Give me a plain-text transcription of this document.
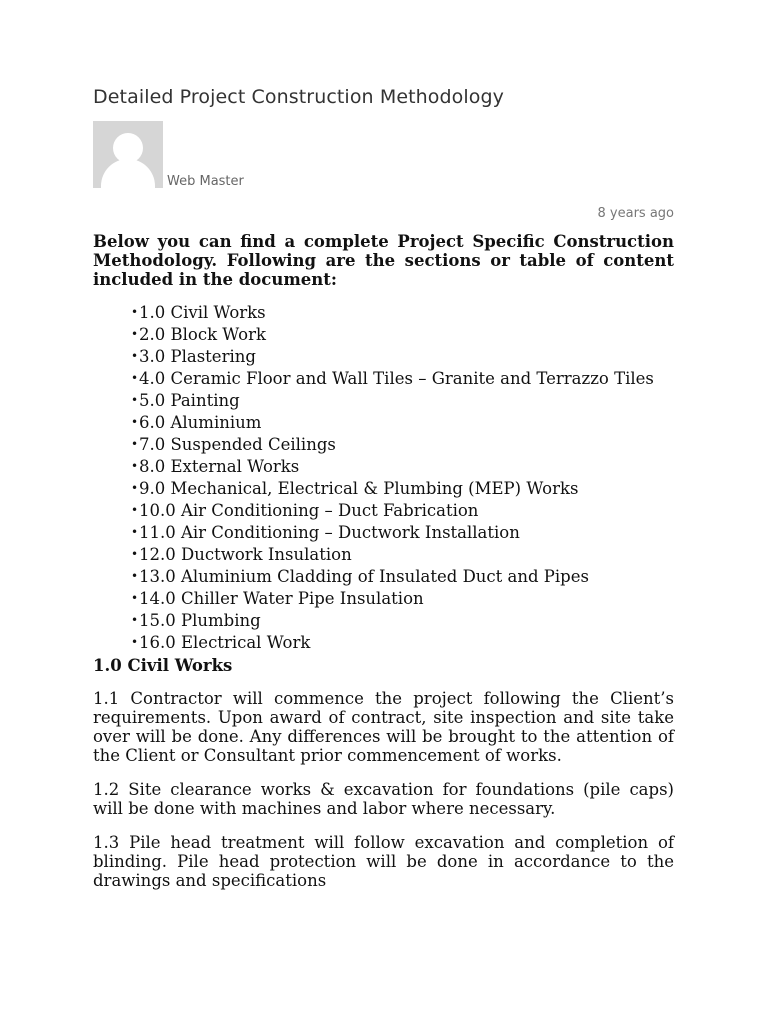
Detailed Project Construction Methodology
Web Master
8 years ago

Below you can find a complete Project Specific Construction Methodology. Following are the sections or table of content included in the document:

• 1.0 Civil Works
• 2.0 Block Work
• 3.0 Plastering
• 4.0 Ceramic Floor and Wall Tiles – Granite and Terrazzo Tiles
• 5.0 Painting
• 6.0 Aluminium
• 7.0 Suspended Ceilings
• 8.0 External Works
• 9.0 Mechanical, Electrical & Plumbing (MEP) Works
• 10.0 Air Conditioning – Duct Fabrication
• 11.0 Air Conditioning – Ductwork Installation
• 12.0 Ductwork Insulation
• 13.0 Aluminium Cladding of Insulated Duct and Pipes
• 14.0 Chiller Water Pipe Insulation
• 15.0 Plumbing
• 16.0 Electrical Work

1.0 Civil Works

1.1 Contractor will commence the project following the Client’s requirements. Upon award of contract, site inspection and site take over will be done. Any differences will be brought to the attention of the Client or Consultant prior commencement of works.

1.2 Site clearance works & excavation for foundations (pile caps) will be done with machines and labor where necessary.

1.3 Pile head treatment will follow excavation and completion of blinding. Pile head protection will be done in accordance to the drawings and specifications
